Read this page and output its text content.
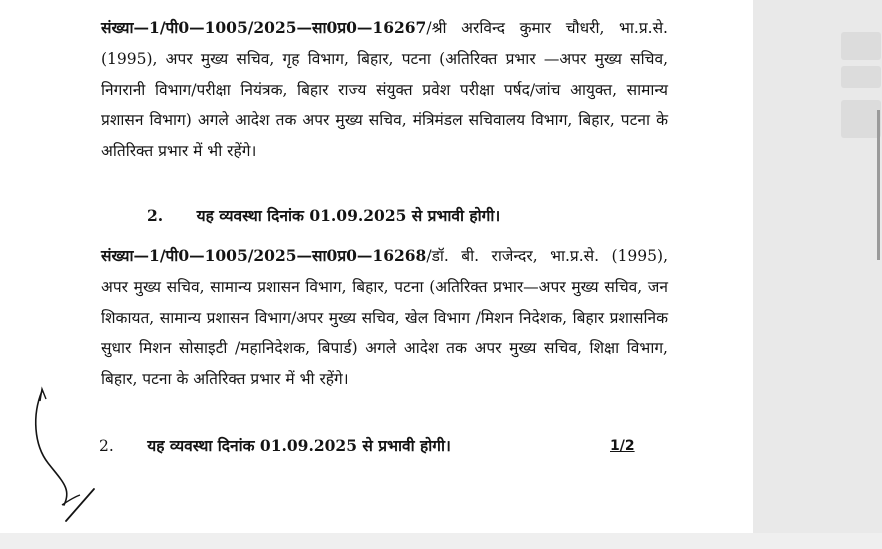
संख्या—1/पी0—1005/2025—सा0प्र0—16267/श्री अरविन्द कुमार चौधरी, भा.प्र.से.(1995), अपर मुख्य सचिव, गृह विभाग, बिहार, पटना (अतिरिक्त प्रभार —अपर मुख्य सचिव, निगरानी विभाग/परीक्षा नियंत्रक, बिहार राज्य संयुक्त प्रवेश परीक्षा पर्षद/जांच आयुक्त, सामान्य प्रशासन विभाग) अगले आदेश तक अपर मुख्य सचिव, मंत्रिमंडल सचिवालय विभाग, बिहार, पटना के अतिरिक्त प्रभार में भी रहेंगे।
2. यह व्यवस्था दिनांक 01.09.2025 से प्रभावी होगी।
संख्या—1/पी0—1005/2025—सा0प्र0—16268/डॉ. बी. राजेन्दर, भा.प्र.से. (1995), अपर मुख्य सचिव, सामान्य प्रशासन विभाग, बिहार, पटना (अतिरिक्त प्रभार—अपर मुख्य सचिव, जन शिकायत, सामान्य प्रशासन विभाग/अपर मुख्य सचिव, खेल विभाग /मिशन निदेशक, बिहार प्रशासनिक सुधार मिशन सोसाइटी /महानिदेशक, बिपार्ड) अगले आदेश तक अपर मुख्य सचिव, शिक्षा विभाग, बिहार, पटना के अतिरिक्त प्रभार में भी रहेंगे।
2. यह व्यवस्था दिनांक 01.09.2025 से प्रभावी होगी।	1/2
